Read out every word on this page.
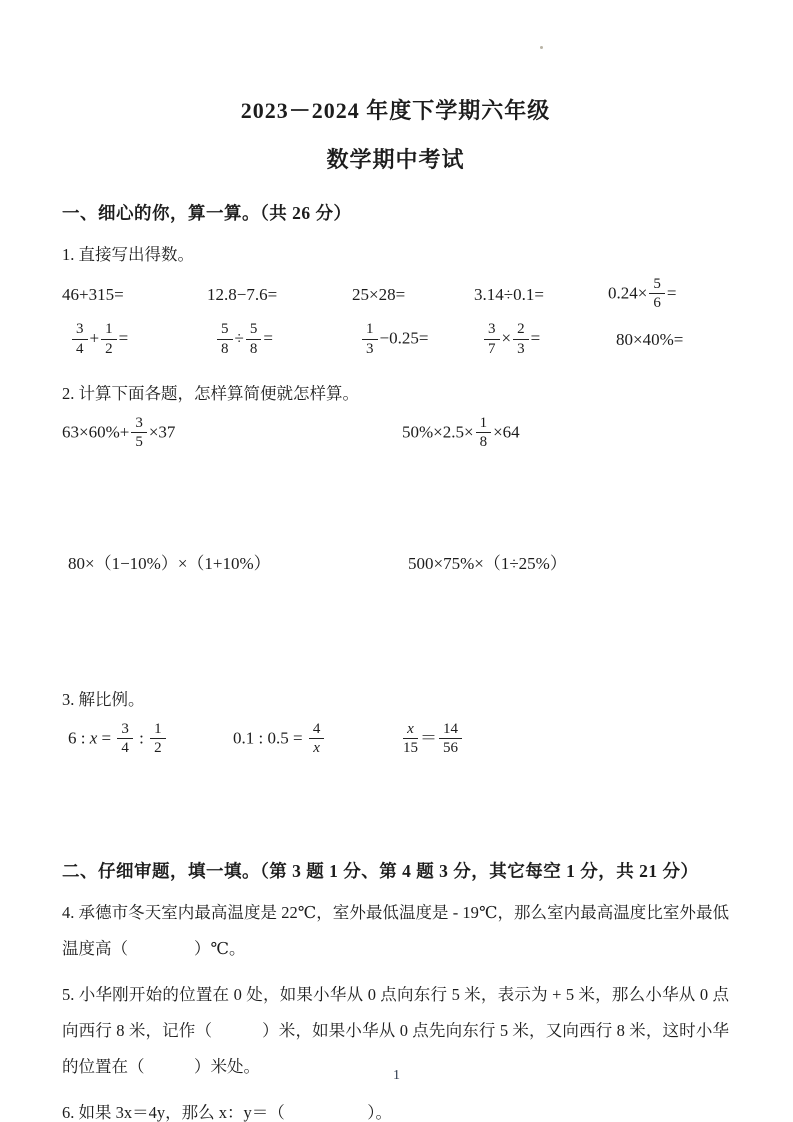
2023－2024 年度下学期六年级
数学期中考试
一、细心的你，算一算。（共 26 分）
1. 直接写出得数。
46+315=	12.8−7.6=	25×28=	3.14÷0.1=	$0.24\times \frac{5}{6}$ =
$\frac{3}{4} + \frac{1}{2}$ =	$\frac{5}{8} \div \frac{5}{8}$ =	$\frac{1}{3} -0.25=$	$\frac{3}{7} \times \frac{2}{3}$ =	80×40%=
2. 计算下面各题，怎样算简便就怎样算。
$63\times 60\%+ \frac{3}{5} \times 37$	$50\%\times 2.5\times \frac{1}{8} \times 64$
80×（1−10%）×（1+10%）	500×75%×（1÷25%）
3. 解比例。
6 : $x = \frac{3}{4}$ : $\frac{1}{2}$	0.1 : $0.5 = \frac{4}{x}$	$\frac{x}{15} = \frac{14}{56}$
二、仔细审题，填一填。（第 3 题 1 分、第 4 题 3 分，其它每空 1 分，共 21 分）
4. 承德市冬天室内最高温度是 22℃，室外最低温度是 - 19℃，那么室内最高温度比室外最低温度高（　　　　）℃。
5. 小华刚开始的位置在 0 处，如果小华从 0 点向东行 5 米，表示为 + 5 米，那么小华从 0 点向西行 8 米，记作（　　　）米，如果小华从 0 点先向东行 5 米，又向西行 8 米，这时小华的位置在（　　　）米处。
6. 如果 3x＝4y，那么 x：y＝（　　　　　）。
1
